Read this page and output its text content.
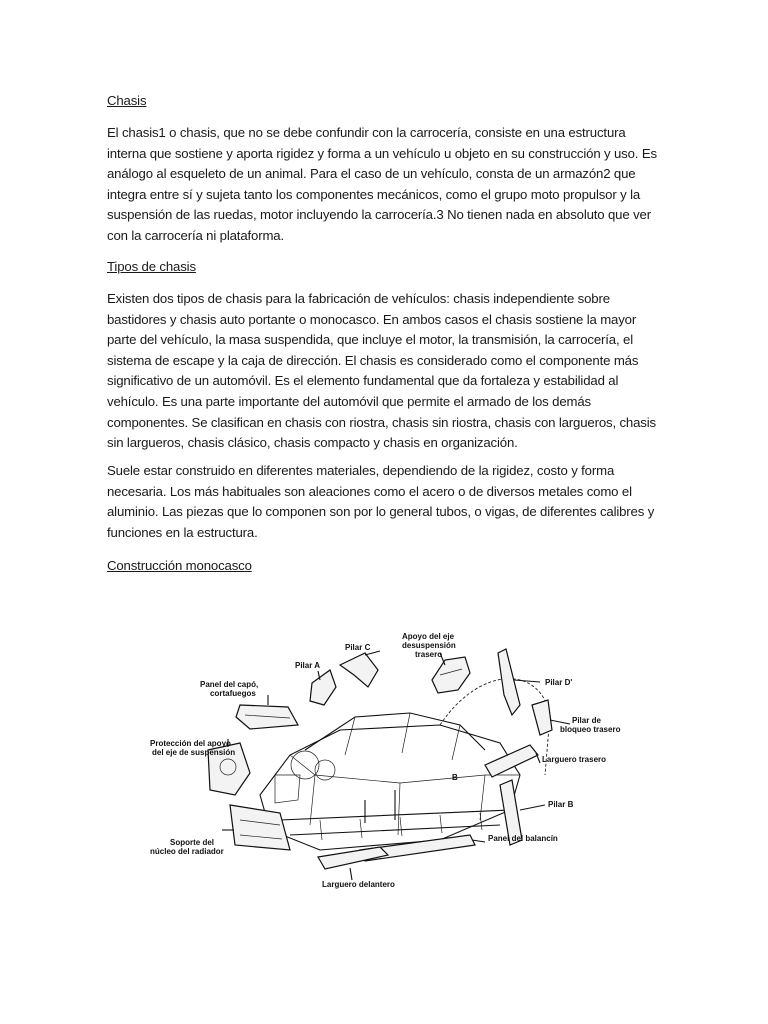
Chasis
El chasis1 o chasis, que no se debe confundir con la carrocería, consiste en una estructura interna que sostiene y aporta rigidez y forma a un vehículo u objeto en su construcción y uso. Es análogo al esqueleto de un animal. Para el caso de un vehículo, consta de un armazón2 que integra entre sí y sujeta tanto los componentes mecánicos, como el grupo moto propulsor y la suspensión de las ruedas, motor incluyendo la carrocería.3 No tienen nada en absoluto que ver con la carrocería ni plataforma.
Tipos de chasis
Existen dos tipos de chasis para la fabricación de vehículos: chasis independiente sobre bastidores y chasis auto portante o monocasco. En ambos casos el chasis sostiene la mayor parte del vehículo, la masa suspendida, que incluye el motor, la transmisión, la carrocería, el sistema de escape y la caja de dirección. El chasis es considerado como el componente más significativo de un automóvil. Es el elemento fundamental que da fortaleza y estabilidad al vehículo. Es una parte importante del automóvil que permite el armado de los demás componentes. Se clasifican en chasis con riostra, chasis sin riostra, chasis con largueros, chasis sin largueros, chasis clásico, chasis compacto y chasis en organización.
Suele estar construido en diferentes materiales, dependiendo de la rigidez, costo y forma necesaria. Los más habituales son aleaciones como el acero o de diversos metales como el aluminio. Las piezas que lo componen son por lo general tubos, o vigas, de diferentes calibres y funciones en la estructura.
Construcción monocasco
B
Pilar C
Apoyo del eje
desuspensión
trasero
Pilar A
Panel del capó,
cortafuegos
Pilar D'
Pilar de
bloqueo trasero
Protección del apoyo
del eje de suspensión
Larguero trasero
Pilar B
Panel del balancín
Soporte del
núcleo del radiador
Larguero delantero
